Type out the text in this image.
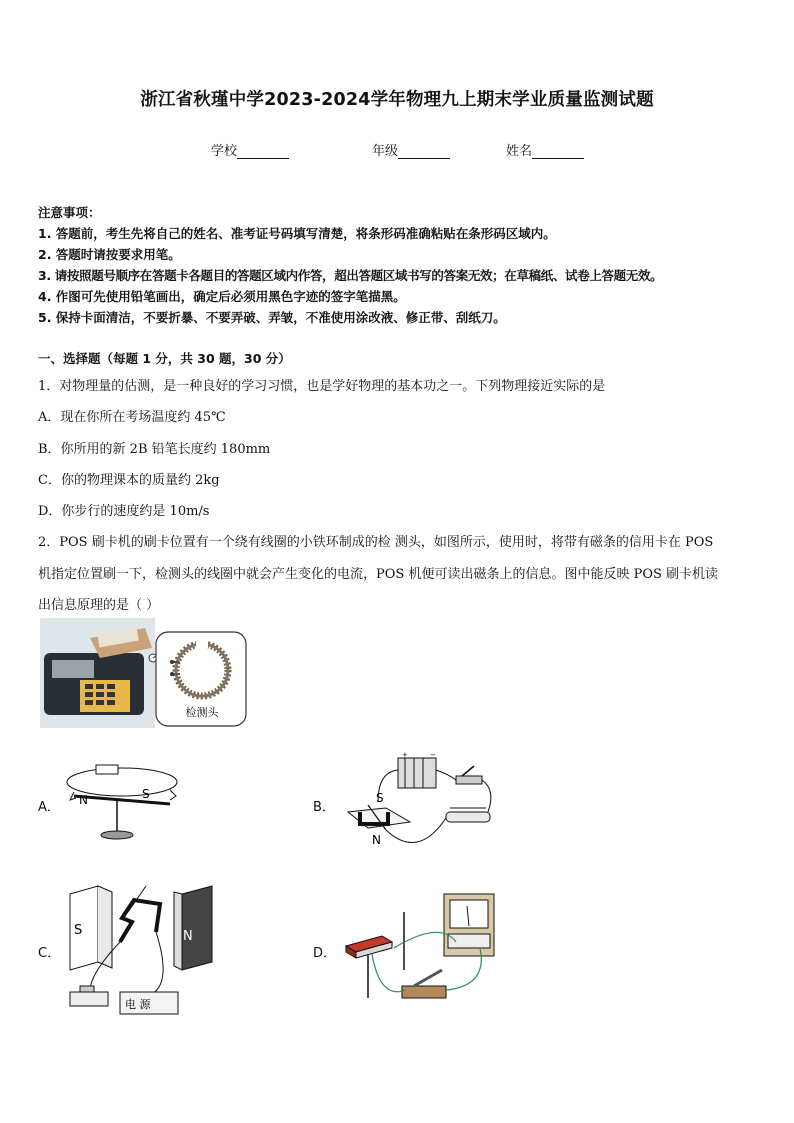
浙江省秋瑾中学2023-2024学年物理九上期末学业质量监测试题
学校	年级	姓名
注意事项：
1. 答题前，考生先将自己的姓名、准考证号码填写清楚，将条形码准确粘贴在条形码区域内。
2. 答题时请按要求用笔。
3. 请按照题号顺序在答题卡各题目的答题区域内作答，超出答题区域书写的答案无效；在草稿纸、试卷上答题无效。
4. 作图可先使用铅笔画出，确定后必须用黑色字迹的签字笔描黑。
5. 保持卡面清洁，不要折暴、不要弄破、弄皱，不准使用涂改液、修正带、刮纸刀。
一、选择题（每题 1 分，共 30 题，30 分）
1．对物理量的估测，是一种良好的学习习惯，也是学好物理的基本功之一。下列物理接近实际的是
A．现在你所在考场温度约 45℃
B．你所用的新 2B 铅笔长度约 180mm
C．你的物理课本的质量约 2kg
D．你步行的速度约是 10m/s
2．POS 刷卡机的刷卡位置有一个绕有线圈的小铁环制成的检 测头，如图所示，使用时，将带有磁条的信用卡在 POS
机指定位置刷一下，检测头的线圈中就会产生变化的电流，POS 机便可读出磁条上的信息。图中能反映 POS 刷卡机读
出信息原理的是（ ）
检测头
A． N	S
B．
+	−
S
N
C．
S	N
电 源
D．
